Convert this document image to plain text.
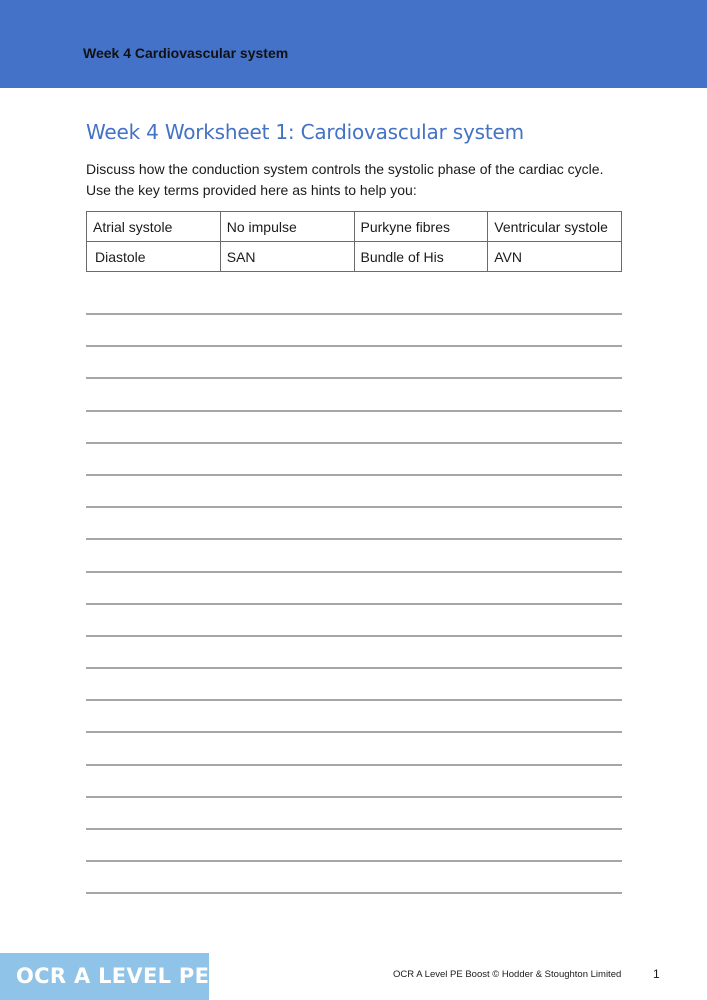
Week 4 Cardiovascular system
Week 4 Worksheet 1: Cardiovascular system

Discuss how the conduction system controls the systolic phase of the cardiac cycle.

Use the key terms provided here as hints to help you:

Atrial systole	No impulse	Purkyne fibres	Ventricular systole
Diastole	SAN	Bundle of His	AVN
OCR A LEVEL PE	OCR A Level PE Boost © Hodder & Stoughton Limited	1
